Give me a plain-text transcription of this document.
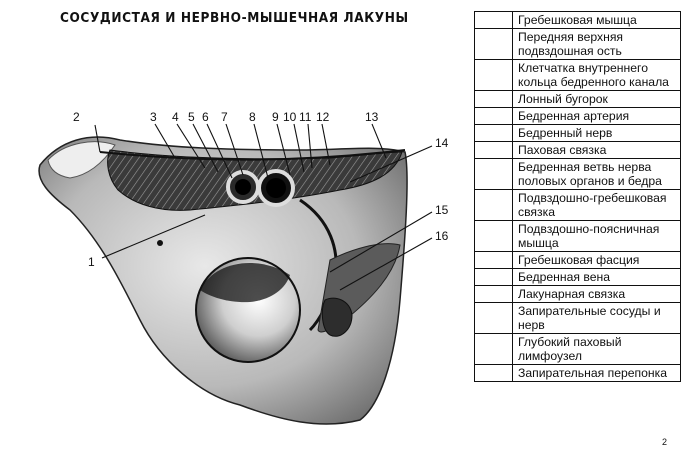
СОСУДИСТАЯ И НЕРВНО-МЫШЕЧНАЯ ЛАКУНЫ
1
2	3 4 5 6 7 8 9 10 11 12	13
14
15
16
	Гребешковая мышца
	Передняя верхняя подвздошная ость
	Клетчатка внутреннего кольца бедренного канала
	Лонный бугорок
	Бедренная артерия
	Бедренный нерв
	Паховая связка
	Бедренная ветвь нерва половых органов и бедра
	Подвздошно-гребешковая связка
	Подвздошно-поясничная мышца
	Гребешковая фасция
	Бедренная вена
	Лакунарная связка
	Запирательные сосуды и нерв
	Глубокий паховый лимфоузел
	Запирательная перепонка
2
